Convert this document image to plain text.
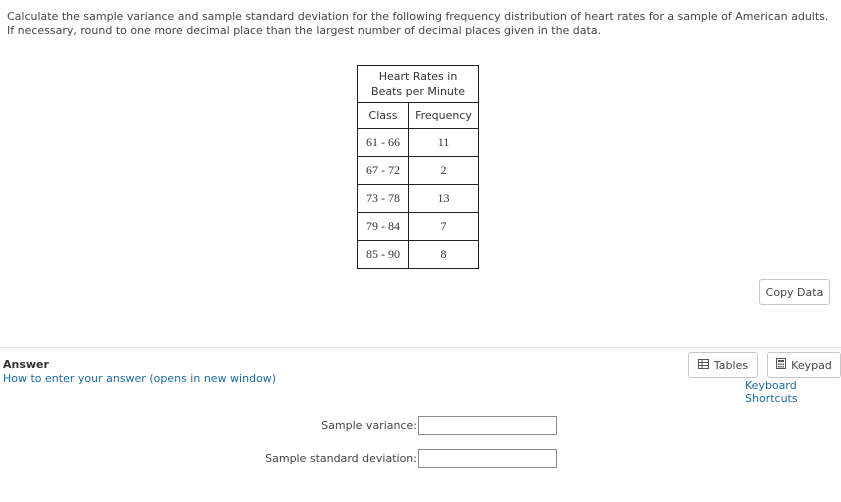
Calculate the sample variance and sample standard deviation for the following frequency distribution of heart rates for a sample of American adults. If necessary, round to one more decimal place than the largest number of decimal places given in the data.
Heart Rates in
Beats per Minute	
Class	Frequency
61 - 66	11
67 - 72	2
73 - 78	13
79 - 84	7
85 - 90	8
Copy Data
Answer
How to enter your answer (opens in new window)
Tables	Keypad
Keyboard Shortcuts
Sample variance:
Sample standard deviation:
